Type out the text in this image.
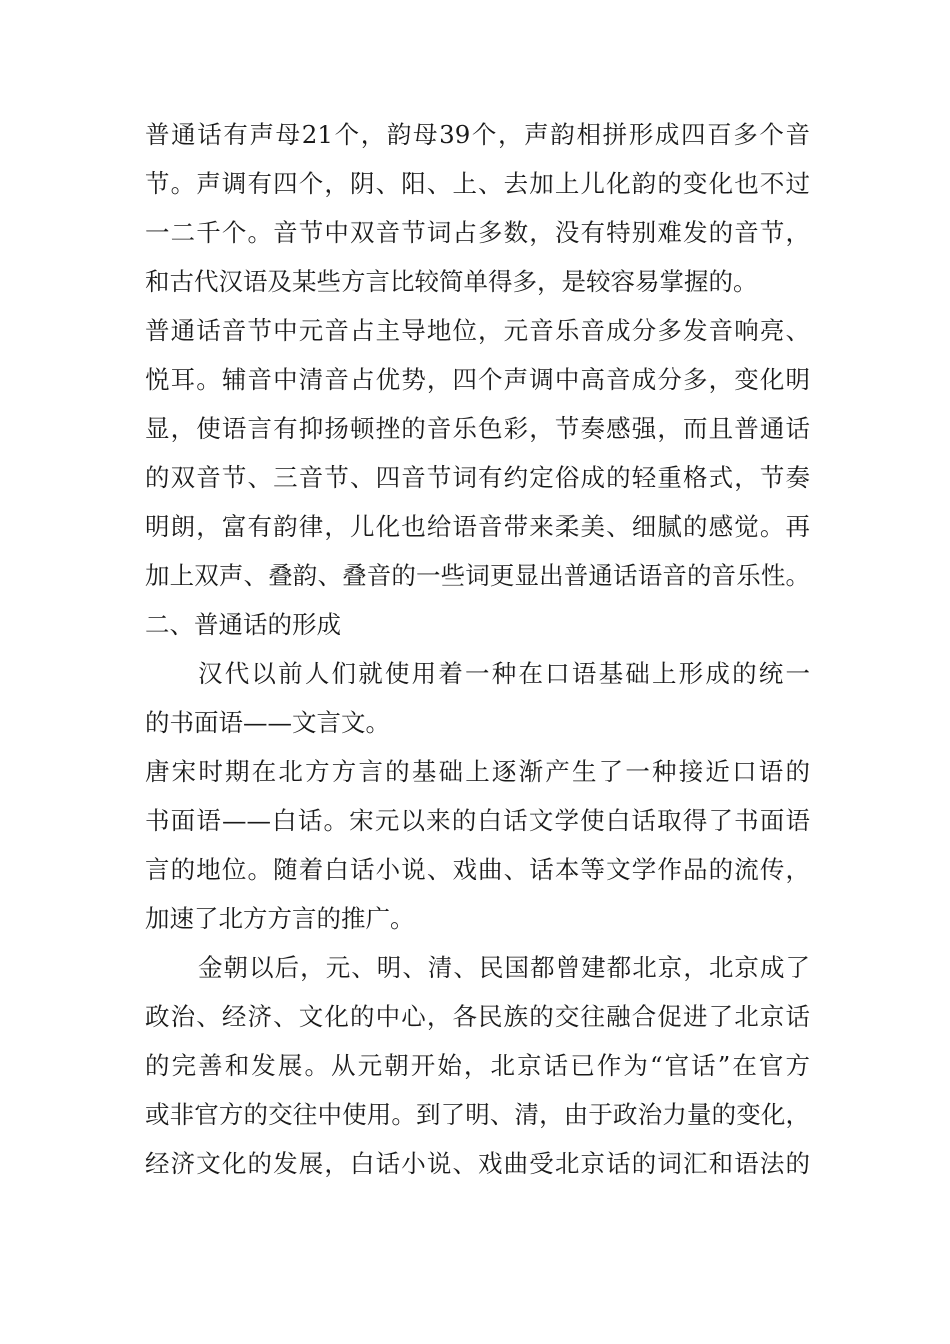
普通话有声母21个，韵母39个，声韵相拼形成四百多个音
节。声调有四个，阴、阳、上、去加上儿化韵的变化也不过
一二千个。音节中双音节词占多数，没有特别难发的音节，
和古代汉语及某些方言比较简单得多，是较容易掌握的。
普通话音节中元音占主导地位，元音乐音成分多发音响亮、
悦耳。辅音中清音占优势，四个声调中高音成分多，变化明
显，使语言有抑扬顿挫的音乐色彩，节奏感强，而且普通话
的双音节、三音节、四音节词有约定俗成的轻重格式，节奏
明朗，富有韵律，儿化也给语音带来柔美、细腻的感觉。再
加上双声、叠韵、叠音的一些词更显出普通话语音的音乐性。
二、普通话的形成
汉代以前人们就使用着一种在口语基础上形成的统一
的书面语——文言文。
唐宋时期在北方方言的基础上逐渐产生了一种接近口语的
书面语——白话。宋元以来的白话文学使白话取得了书面语
言的地位。随着白话小说、戏曲、话本等文学作品的流传，
加速了北方方言的推广。
金朝以后，元、明、清、民国都曾建都北京，北京成了
政治、经济、文化的中心，各民族的交往融合促进了北京话
的完善和发展。从元朝开始，北京话已作为“官话”在官方
或非官方的交往中使用。到了明、清，由于政治力量的变化，
经济文化的发展，白话小说、戏曲受北京话的词汇和语法的
